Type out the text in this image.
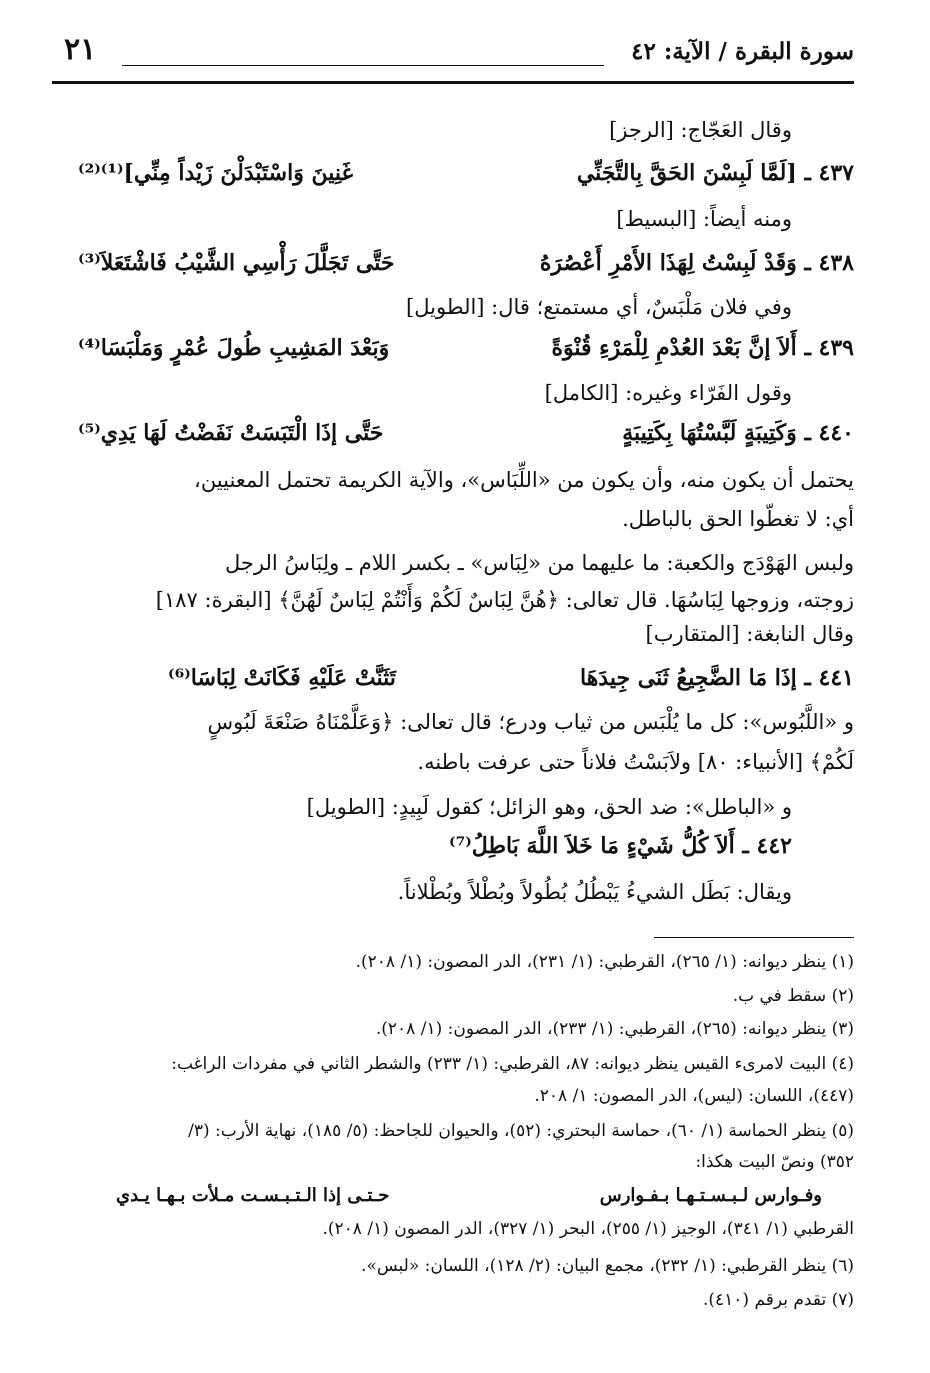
سورة البقرة / الآية: ٤٢
٢١
وقال العَجّاج: [الرجز]
٤٣٧ ـ [لَمَّا لَبِسْنَ الحَقَّ بِالتَّجَنِّي
غَنِينَ وَاسْتَبْدَلْنَ زَيْداً مِنِّي]⁽¹⁾⁽²⁾
ومنه أيضاً: [البسيط]
٤٣٨ ـ وَقَدْ لَبِسْتُ لِهَذَا الأَمْرِ أَعْصُرَهُ
حَتَّى تَجَلَّلَ رَأْسِي الشَّيْبُ فَاشْتَعَلاَ⁽³⁾
وفي فلان مَلْبَسٌ، أي مستمتع؛ قال: [الطويل]
٤٣٩ ـ أَلاَ إنَّ بَعْدَ العُدْمِ لِلْمَرْءِ قُنْوَةً
وَبَعْدَ المَشِيبِ طُولَ عُمْرٍ وَمَلْبَسَا⁽⁴⁾
وقول الفَرّاء وغيره: [الكامل]
٤٤٠ ـ وَكَتِيبَةٍ لَبَّسْتُهَا بِكَتِيبَةٍ
حَتَّى إذَا الْتَبَسَتْ نَفَضْتُ لَهَا يَدِي⁽⁵⁾
يحتمل أن يكون منه، وأن يكون من «اللِّبَاس»، والآية الكريمة تحتمل المعنيين،
أي: لا تغطّوا الحق بالباطل.
ولبس الهَوْدَج والكعبة: ما عليهما من «لِبَاس» ـ بكسر اللام ـ ولِبَاسُ الرجل
زوجته، وزوجها لِبَاسُهَا. قال تعالى: ﴿هُنَّ لِبَاسٌ لَكُمْ وَأَنْتُمْ لِبَاسٌ لَهُنَّ﴾ [البقرة: ١٨٧]
وقال النابغة: [المتقارب]
٤٤١ ـ إذَا مَا الضَّجِيعُ ثَنَى جِيدَهَا
تَثَنَّتْ عَلَيْهِ فَكَانَتْ لِبَاسَا⁽⁶⁾
و «اللَّبُوس»: كل ما يُلْبَس من ثياب ودرع؛ قال تعالى: ﴿وَعَلَّمْنَاهُ صَنْعَةَ لَبُوسٍ
لَكُمْ﴾ [الأنبياء: ٨٠] ولاَبَسْتُ فلاناً حتى عرفت باطنه.
و «الباطل»: ضد الحق، وهو الزائل؛ كقول لَبِيدٍ: [الطويل]
٤٤٢ ـ أَلاَ كُلُّ شَيْءٍ مَا خَلاَ اللَّهَ بَاطِلُ⁽⁷⁾
ويقال: بَطَل الشيءُ يَبْطُلُ بُطُولاً وبُطْلاً وبُطْلاناً.
(١) ينظر ديوانه: (١/ ٢٦٥)، القرطبي: (١/ ٢٣١)، الدر المصون: (١/ ٢٠٨).
(٢) سقط في ب.
(٣) ينظر ديوانه: (٢٦٥)، القرطبي: (١/ ٢٣٣)، الدر المصون: (١/ ٢٠٨).
(٤) البيت لامرىء القيس ينظر ديوانه: ٨٧، القرطبي: (١/ ٢٣٣) والشطر الثاني في مفردات الراغب:
(٤٤٧)، اللسان: (ليس)، الدر المصون: ١/ ٢٠٨.
(٥) ينظر الحماسة (١/ ٦٠)، حماسة البحتري: (٥٢)، والحيوان للجاحظ: (٥/ ١٨٥)، نهاية الأرب: (٣/
٣٥٢) ونصّ البيت هكذا:
وفـوارس لـبـسـتـهـا بـفـوارس
حـتـى إذا الـتـبـسـت مـلأت بـهـا يـدي
القرطبي (١/ ٣٤١)، الوجيز (١/ ٢٥٥)، البحر (١/ ٣٢٧)، الدر المصون (١/ ٢٠٨).
(٦) ينظر القرطبي: (١/ ٢٣٢)، مجمع البيان: (٢/ ١٢٨)، اللسان: «لبس».
(٧) تقدم برقم (٤١٠).
